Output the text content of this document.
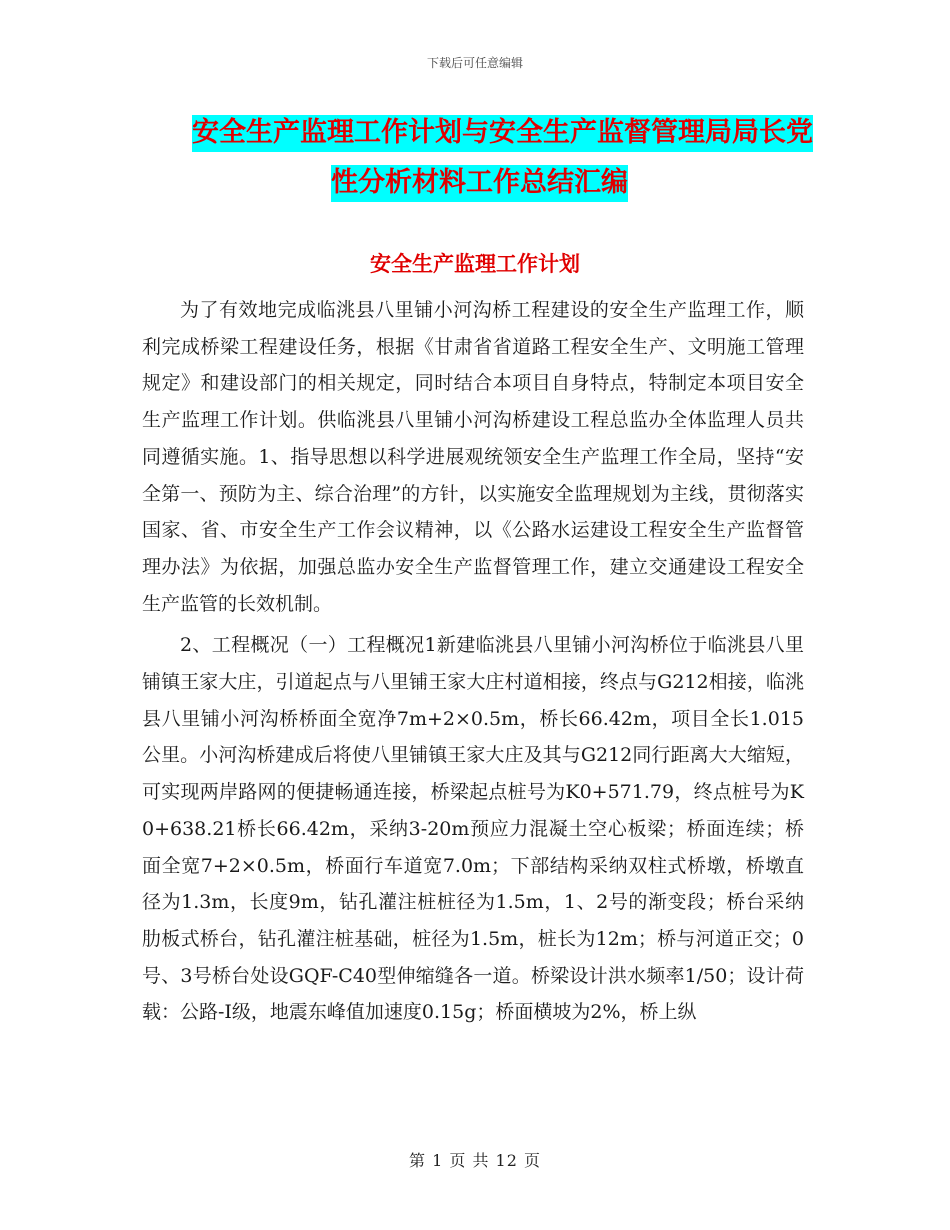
下载后可任意编辑
安全生产监理工作计划与安全生产监督管理局局长党
性分析材料工作总结汇编
安全生产监理工作计划

为了有效地完成临洮县八里铺小河沟桥工程建设的安全生产监理工作，顺利完成桥梁工程建设任务，根据《甘肃省省道路工程安全生产、文明施工管理规定》和建设部门的相关规定，同时结合本项目自身特点，特制定本项目安全生产监理工作计划。供临洮县八里铺小河沟桥建设工程总监办全体监理人员共同遵循实施。1、指导思想以科学进展观统领安全生产监理工作全局，坚持“安全第一、预防为主、综合治理”的方针，以实施安全监理规划为主线，贯彻落实国家、省、市安全生产工作会议精神，以《公路水运建设工程安全生产监督管理办法》为依据，加强总监办安全生产监督管理工作，建立交通建设工程安全生产监管的长效机制。

2、工程概况（一）工程概况1新建临洮县八里铺小河沟桥位于临洮县八里铺镇王家大庄，引道起点与八里铺王家大庄村道相接，终点与G212相接，临洮县八里铺小河沟桥桥面全宽净7m+2×0.5m，桥长66.42m，项目全长1.015公里。小河沟桥建成后将使八里铺镇王家大庄及其与G212同行距离大大缩短，可实现两岸路网的便捷畅通连接，桥梁起点桩号为K0+571.79，终点桩号为K0+638.21桥长66.42m，采纳3-20m预应力混凝土空心板梁；桥面连续；桥面全宽7+2×0.5m，桥面行车道宽7.0m；下部结构采纳双柱式桥墩，桥墩直径为1.3m，长度9m，钻孔灌注桩桩径为1.5m，1、2号的渐变段；桥台采纳肋板式桥台，钻孔灌注桩基础，桩径为1.5m，桩长为12m；桥与河道正交；0号、3号桥台处设GQF-C40型伸缩缝各一道。桥梁设计洪水频率1/50；设计荷载：公路-Ⅰ级，地震东峰值加速度0.15g；桥面横坡为2%，桥上纵

第 1 页 共 12 页
